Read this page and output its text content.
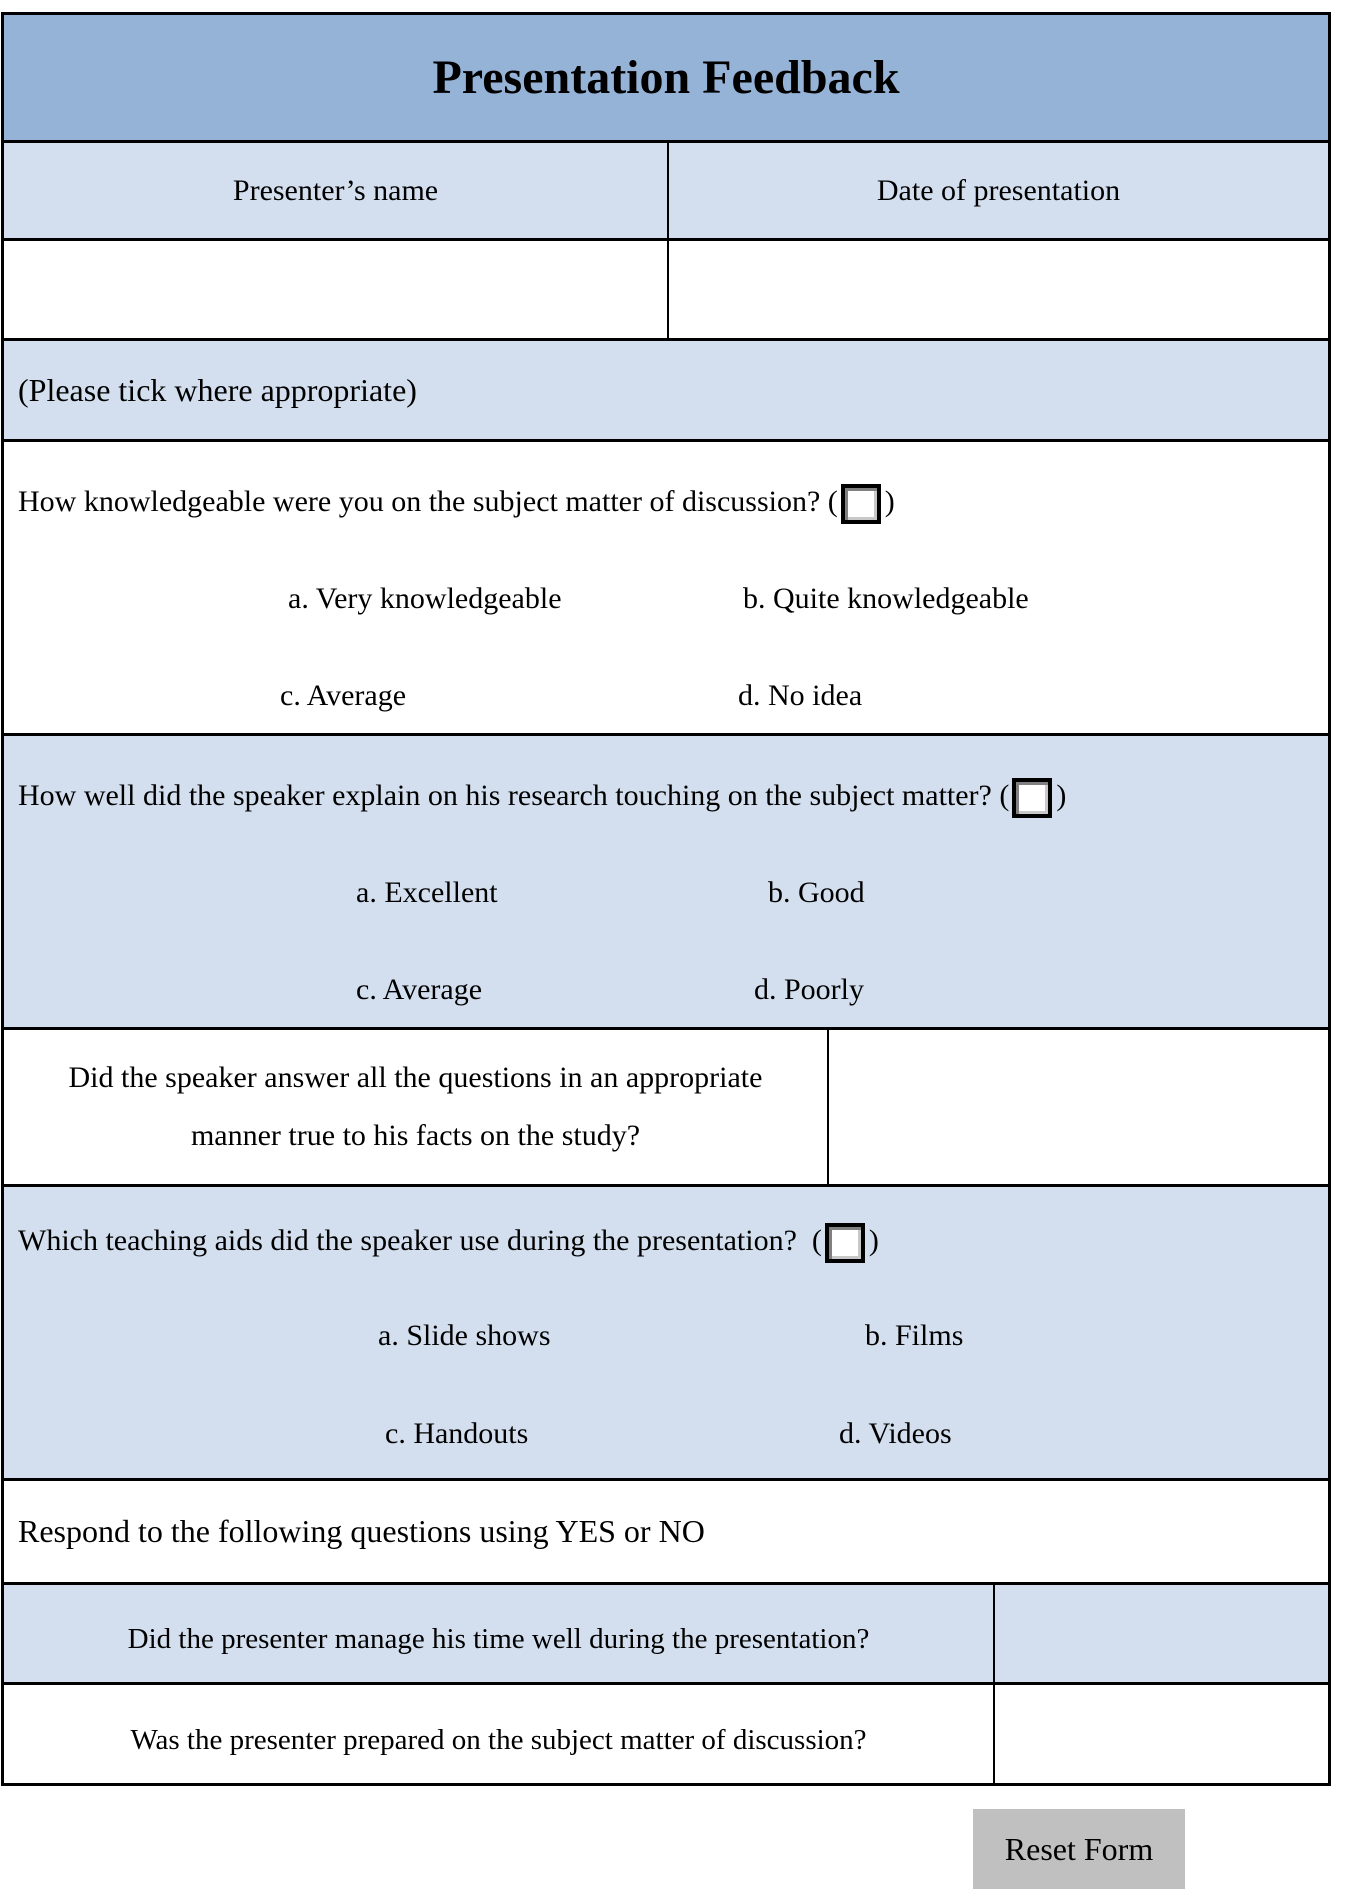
Presentation Feedback
Presenter’s name	Date of presentation
(Please tick where appropriate)
How knowledgeable were you on the subject matter of discussion? ( )
a. Very knowledgeable	b. Quite knowledgeable
c. Average	d. No idea
How well did the speaker explain on his research touching on the subject matter? ( )
a. Excellent	b. Good
c. Average	d. Poorly
Did the speaker answer all the questions in an appropriate
manner true to his facts on the study?
Which teaching aids did the speaker use during the presentation?  ( )
a. Slide shows	b. Films
c. Handouts	d. Videos
Respond to the following questions using YES or NO
Did the presenter manage his time well during the presentation?
Was the presenter prepared on the subject matter of discussion?
Reset Form
